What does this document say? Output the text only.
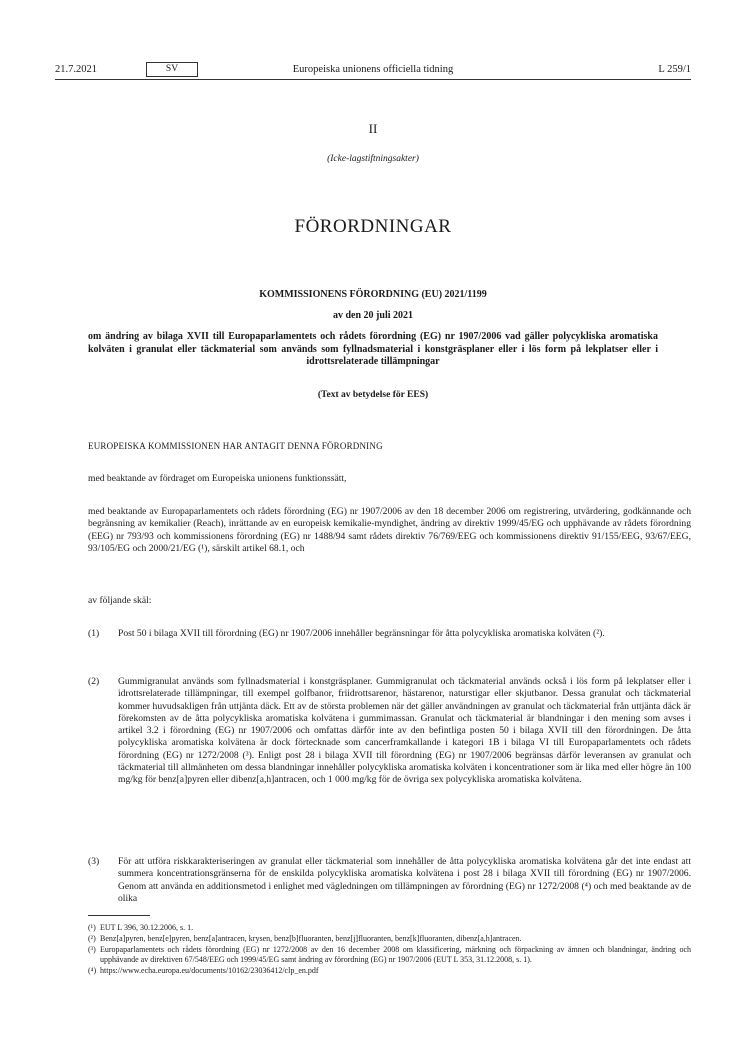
21.7.2021	SV	Europeiska unionens officiella tidning	L 259/1
II
(Icke-lagstiftningsakter)
FÖRORDNINGAR
KOMMISSIONENS FÖRORDNING (EU) 2021/1199
av den 20 juli 2021
om ändring av bilaga XVII till Europaparlamentets och rådets förordning (EG) nr 1907/2006 vad gäller polycykliska aromatiska kolväten i granulat eller täckmaterial som används som fyllnadsmaterial i konstgräsplaner eller i lös form på lekplatser eller i idrottsrelaterade tillämpningar
(Text av betydelse för EES)
EUROPEISKA KOMMISSIONEN HAR ANTAGIT DENNA FÖRORDNING
med beaktande av fördraget om Europeiska unionens funktionssätt,
med beaktande av Europaparlamentets och rådets förordning (EG) nr 1907/2006 av den 18 december 2006 om registrering, utvärdering, godkännande och begränsning av kemikalier (Reach), inrättande av en europeisk kemikalie-myndighet, ändring av direktiv 1999/45/EG och upphävande av rådets förordning (EEG) nr 793/93 och kommissionens förordning (EG) nr 1488/94 samt rådets direktiv 76/769/EEG och kommissionens direktiv 91/155/EEG, 93/67/EEG, 93/105/EG och 2000/21/EG (¹), särskilt artikel 68.1, och
av följande skäl:
(1) Post 50 i bilaga XVII till förordning (EG) nr 1907/2006 innehåller begränsningar för åtta polycykliska aromatiska kolväten (²).
(2) Gummigranulat används som fyllnadsmaterial i konstgräsplaner. Gummigranulat och täckmaterial används också i lös form på lekplatser eller i idrottsrelaterade tillämpningar, till exempel golfbanor, friidrottsarenor, hästarenor, naturstigar eller skjutbanor. Dessa granulat och täckmaterial kommer huvudsakligen från uttjänta däck. Ett av de största problemen när det gäller användningen av granulat och täckmaterial från uttjänta däck är förekomsten av de åtta polycykliska aromatiska kolvätena i gummimassan. Granulat och täckmaterial är blandningar i den mening som avses i artikel 3.2 i förordning (EG) nr 1907/2006 och omfattas därför inte av den befintliga posten 50 i bilaga XVII till den förordningen. De åtta polycykliska aromatiska kolvätena är dock förtecknade som cancerframkallande i kategori 1B i bilaga VI till Europaparlamentets och rådets förordning (EG) nr 1272/2008 (³). Enligt post 28 i bilaga XVII till förordning (EG) nr 1907/2006 begränsas därför leveransen av granulat och täckmaterial till allmänheten om dessa blandningar innehåller polycykliska aromatiska kolväten i koncentrationer som är lika med eller högre än 100 mg/kg för benz[a]pyren eller dibenz[a,h]antracen, och 1 000 mg/kg för de övriga sex polycykliska aromatiska kolvätena.
(3) För att utföra riskkarakteriseringen av granulat eller täckmaterial som innehåller de åtta polycykliska aromatiska kolvätena går det inte endast att summera koncentrationsgränserna för de enskilda polycykliska aromatiska kolvätena i post 28 i bilaga XVII till förordning (EG) nr 1907/2006. Genom att använda en additionsmetod i enlighet med vägledningen om tillämpningen av förordning (EG) nr 1272/2008 (⁴) och med beaktande av de olika
(¹) EUT L 396, 30.12.2006, s. 1.
(²) Benz[a]pyren, benz[e]pyren, benz[a]antracen, krysen, benz[b]fluoranten, benz[j]fluoranten, benz[k]fluoranten, dibenz[a,h]antracen.
(³) Europaparlamentets och rådets förordning (EG) nr 1272/2008 av den 16 december 2008 om klassificering, märkning och förpackning av ämnen och blandningar, ändring och upphävande av direktiven 67/548/EEG och 1999/45/EG samt ändring av förordning (EG) nr 1907/2006 (EUT L 353, 31.12.2008, s. 1).
(⁴) https://www.echa.europa.eu/documents/10162/23036412/clp_en.pdf
